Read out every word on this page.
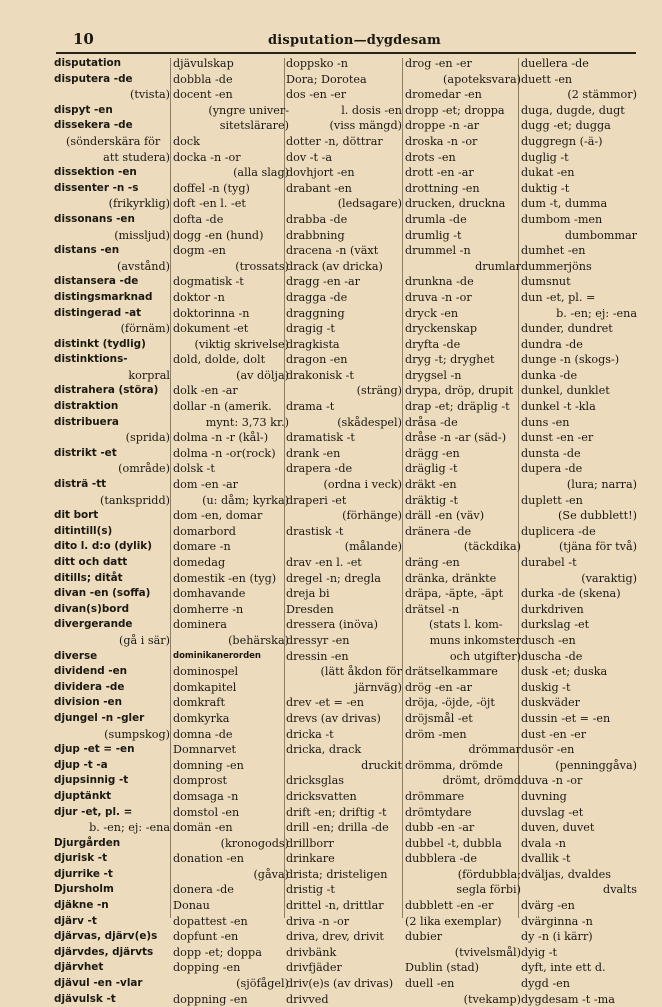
10	disputation—dygdesam
disputation
disputera -de
(tvista)
dispyt -en
dissekera -de
(sönderskära för
att studera)
dissektion -en
dissenter -n -s
(frikyrklig)
dissonans -en
(missljud)
distans -en
(avstånd)
distansera -de
distingsmarknad
distingerad -at
(förnäm)
distinkt (tydlig)
distinktions-
korpral
distrahera (störa)
distraktion
distribuera
(sprida)
distrikt -et
(område)
disträ -tt
(tankspridd)
dit bort
ditintill(s)
dito l. d:o (dylik)
ditt och datt
ditills; ditåt
divan -en (soffa)
divan(s)bord
divergerande
(gå i sär)
diverse
dividend -en
dividera -de
division -en
djungel -n -gler
(sumpskog)
djup -et = -en
djup -t -a
djupsinnig -t
djuptänkt
djur -et, pl. =
b. -en; ej: -ena
Djurgården
djurisk -t
djurrike -t
Djursholm
djäkne -n
djärv -t
djärvas, djärv(e)s
djärvdes, djärvts
djärvhet
djävul -en -vlar
djävulsk -t
djävulskap
dobbla -de
docent -en
(yngre univer-
sitetslärare)
dock
docka -n -or
(alla slag)
doffel -n (tyg)
doft -en l. -et
dofta -de
dogg -en (hund)
dogm -en
(trossats)
dogmatisk -t
doktor -n
doktorinna -n
dokument -et
(viktig skrivelse)
dold, dolde, dolt
(av dölja)
dolk -en -ar
dollar -n (amerik.
mynt: 3,73 kr.)
dolma -n -r (kål-)
dolma -n -or(rock)
dolsk -t
dom -en -ar
(u: dåm; kyrka)
dom -en, domar
domarbord
domare -n
domedag
domestik -en (tyg)
domhavande
domherre -n
dominera
(behärska)
dominikanerorden
dominospel
domkapitel
domkraft
domkyrka
domna -de
Domnarvet
domning -en
domprost
domsaga -n
domstol -en
domän -en
(kronogods)
donation -en
(gåva)
donera -de
Donau
dopattest -en
dopfunt -en
dopp -et; doppa
dopping -en
(sjöfågel)
doppning -en
doppsko -n
Dora; Dorotea
dos -en -er
l. dosis -en
(viss mängd)
dotter -n, döttrar
dov -t -a
dovhjort -en
drabant -en
(ledsagare)
drabba -de
drabbning
dracena -n (växt
drack (av dricka)
dragg -en -ar
dragga -de
draggning
dragig -t
dragkista
dragon -en
drakonisk -t
(sträng)
drama -t
(skådespel)
dramatisk -t
drank -en
drapera -de
(ordna i veck)
draperi -et
(förhänge)
drastisk -t
(målande)
drav -en l. -et
dregel -n; dregla
dreja bi
Dresden
dressera (inöva)
dressyr -en
dressin -en
(lätt åkdon för
järnväg)
drev -et = -en
drevs (av drivas)
dricka -t
dricka, drack
druckit
dricksglas
dricksvatten
drift -en; driftig -t
drill -en; drilla -de
drillborr
drinkare
drista; dristeligen
dristig -t
drittel -n, drittlar
driva -n -or
driva, drev, drivit
drivbänk
drivfjäder
driv(e)s (av drivas)
drivved
drog -en -er
(apoteksvara)
dromedar -en
dropp -et; droppa
droppe -n -ar
droska -n -or
drots -en
drott -en -ar
drottning -en
drucken, druckna
drumla -de
drumlig -t
drummel -n
drumlar
drunkna -de
druva -n -or
dryck -en
dryckenskap
dryfta -de
dryg -t; dryghet
drygsel -n
drypa, dröp, drupit
drap -et; dräplig -t
dråsa -de
dråse -n -ar (säd-)
drägg -en
dräglig -t
dräkt -en
dräktig -t
dräll -en (väv)
dränera -de
(täckdika)
dräng -en
dränka, dränkte
dräpa, -äpte, -äpt
drätsel -n
(stats l. kom-
muns inkomster
och utgifter)
drätselkammare
drög -en -ar
dröja, -öjde, -öjt
dröjsmål -et
dröm -men
drömmar
drömma, drömde
drömt, drömd
drömmare
drömtydare
dubb -en -ar
dubbel -t, dubbla
dubblera -de
(fördubbla;
segla förbi)
dubblett -en -er
(2 lika exemplar)
dubier
(tvivelsmål)
Dublin (stad)
duell -en
(tvekamp)
duellera -de
duett -en
(2 stämmor)
duga, dugde, dugt
dugg -et; dugga
duggregn (-ä-)
duglig -t
dukat -en
duktig -t
dum -t, dumma
dumbom -men
dumbommar
dumhet -en
dummerjöns
dumsnut
dun -et, pl. =
b. -en; ej: -ena
dunder, dundret
dundra -de
dunge -n (skogs-)
dunka -de
dunkel, dunklet
dunkel -t -kla
duns -en
dunst -en -er
dunsta -de
dupera -de
(lura; narra)
duplett -en
(Se dubblett!)
duplicera -de
(tjäna för två)
durabel -t
(varaktig)
durka -de (skena)
durkdriven
durkslag -et
dusch -en
duscha -de
dusk -et; duska
duskig -t
duskväder
dussin -et = -en
dust -en -er
dusör -en
(penninggåva)
duva -n -or
duvning
duvslag -et
duven, duvet
dvala -n
dvallik -t
dväljas, dvaldes
dvalts
dvärg -en
dvärginna -n
dy -n (i kärr)
dyig -t
dyft, inte ett d.
dygd -en
dygdesam -t -ma
